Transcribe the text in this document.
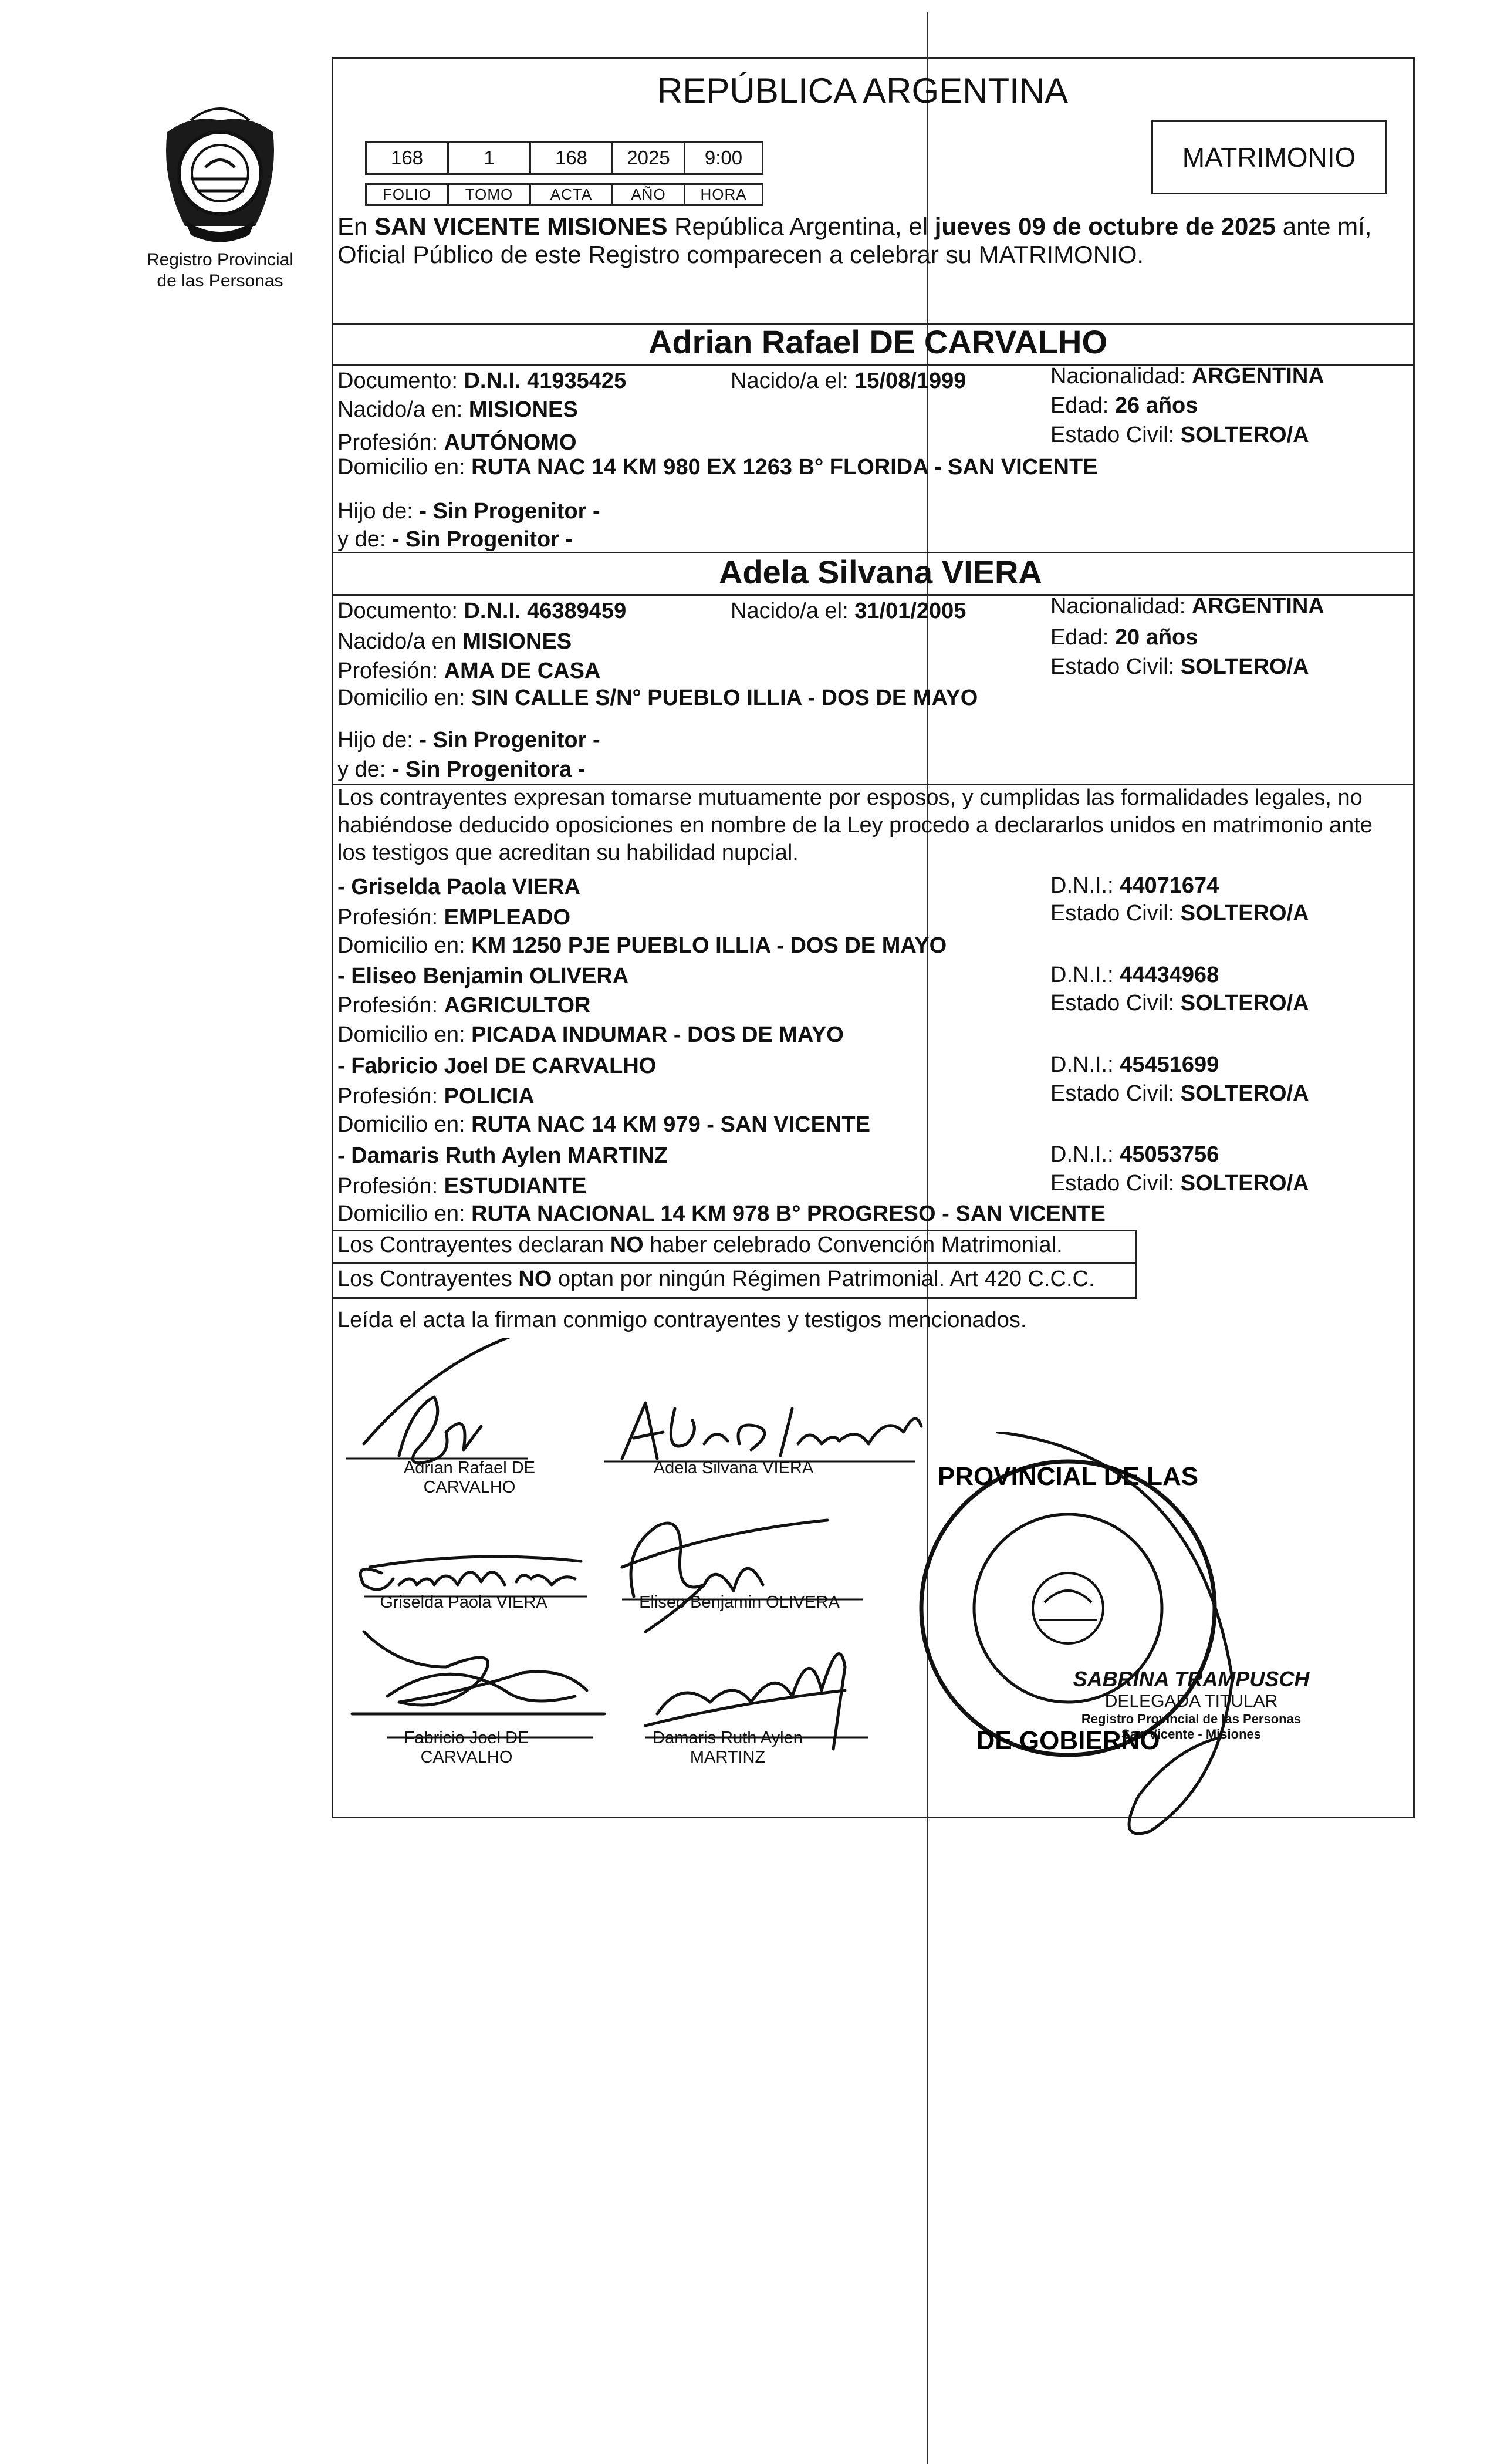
Registro Provincial
de las Personas
REPÚBLICA ARGENTINA
168	1	168	2025	9:00
FOLIO	TOMO	ACTA	AÑO	HORA
MATRIMONIO
En SAN VICENTE MISIONES República Argentina, el jueves 09 de octubre de 2025 ante mí,
Oficial Público de este Registro comparecen a celebrar su MATRIMONIO.
Adrian Rafael DE CARVALHO
Documento: D.N.I. 41935425	Nacido/a el: 15/08/1999	Nacionalidad: ARGENTINA
Nacido/a en: MISIONES	Edad: 26 años
Profesión: AUTÓNOMO	Estado Civil: SOLTERO/A
Domicilio en: RUTA NAC 14 KM 980 EX 1263 B° FLORIDA - SAN VICENTE
Hijo de: - Sin Progenitor -
y de: - Sin Progenitor -
Adela Silvana VIERA
Documento: D.N.I. 46389459	Nacido/a el: 31/01/2005	Nacionalidad: ARGENTINA
Nacido/a en MISIONES	Edad: 20 años
Profesión: AMA DE CASA	Estado Civil: SOLTERO/A
Domicilio en: SIN CALLE S/N° PUEBLO ILLIA - DOS DE MAYO
Hijo de: - Sin Progenitor -
y de: - Sin Progenitora -
Los contrayentes expresan tomarse mutuamente por esposos, y cumplidas las formalidades legales, no
habiéndose deducido oposiciones en nombre de la Ley procedo a declararlos unidos en matrimonio ante
los testigos que acreditan su habilidad nupcial.
- Griselda Paola VIERA	D.N.I.: 44071674
Profesión: EMPLEADO	Estado Civil: SOLTERO/A
Domicilio en: KM 1250 PJE PUEBLO ILLIA - DOS DE MAYO
- Eliseo Benjamin OLIVERA	D.N.I.: 44434968
Profesión: AGRICULTOR	Estado Civil: SOLTERO/A
Domicilio en: PICADA INDUMAR - DOS DE MAYO
- Fabricio Joel DE CARVALHO	D.N.I.: 45451699
Profesión: POLICIA	Estado Civil: SOLTERO/A
Domicilio en: RUTA NAC 14 KM 979 - SAN VICENTE
- Damaris Ruth Aylen MARTINZ	D.N.I.: 45053756
Profesión: ESTUDIANTE	Estado Civil: SOLTERO/A
Domicilio en: RUTA NACIONAL 14 KM 978 B° PROGRESO - SAN VICENTE
Los Contrayentes declaran NO haber celebrado Convención Matrimonial.
Los Contrayentes NO optan por ningún Régimen Patrimonial. Art 420 C.C.C.
Leída el acta la firman conmigo contrayentes y testigos mencionados.
Adrian Rafael DE
CARVALHO
Adela Silvana VIERA
Griselda Paola VIERA	Eliseo Benjamin OLIVERA
Fabricio Joel DE
CARVALHO
Damaris Ruth Aylen
MARTINZ
PROVINCIAL DE LAS
DE GOBIERNO
SABRINA TRAMPUSCH
DELEGADA TITULAR
Registro Provincial de las Personas
San Vicente - Misiones
